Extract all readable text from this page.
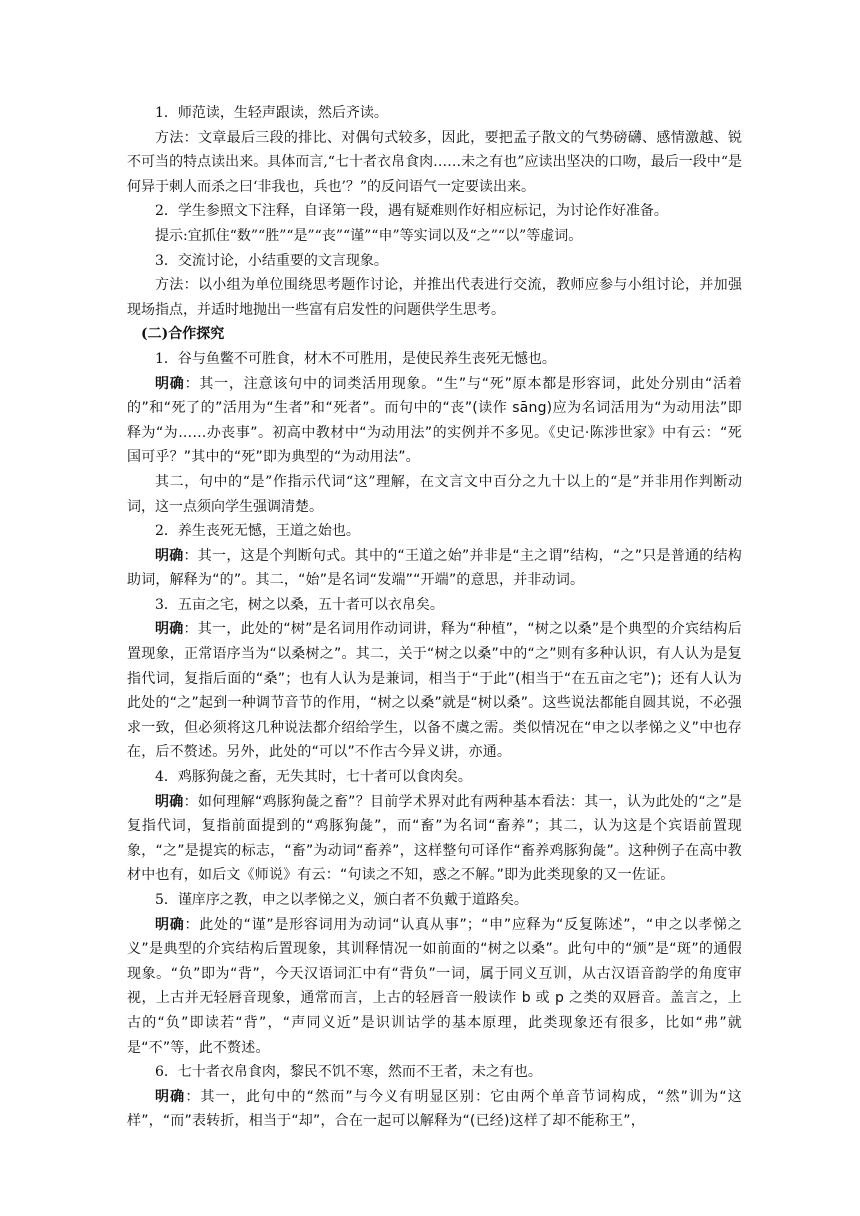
1．师范读，生轻声跟读，然后齐读。

方法：文章最后三段的排比、对偶句式较多，因此，要把孟子散文的气势磅礴、感情激越、锐不可当的特点读出来。具体而言,“七十者衣帛食肉……未之有也”应读出坚决的口吻，最后一段中“是何异于刺人而杀之曰‘非我也，兵也’？”的反问语气一定要读出来。

2．学生参照文下注释，自译第一段，遇有疑难则作好相应标记，为讨论作好准备。

提示:宜抓住“数”“胜”“是”“丧”“谨”“申”等实词以及“之”“以”等虚词。

3．交流讨论，小结重要的文言现象。

方法：以小组为单位围绕思考题作讨论，并推出代表进行交流，教师应参与小组讨论，并加强现场指点，并适时地抛出一些富有启发性的问题供学生思考。

(二)合作探究

1．谷与鱼鳖不可胜食，材木不可胜用，是使民养生丧死无憾也。

明确：其一，注意该句中的词类活用现象。“生”与“死”原本都是形容词，此处分别由“活着的”和“死了的”活用为“生者”和“死者”。而句中的“丧”(读作 sāng)应为名词活用为“为动用法”即释为“为……办丧事”。初高中教材中“为动用法”的实例并不多见。《史记·陈涉世家》中有云：“死国可乎？”其中的“死”即为典型的“为动用法”。

其二，句中的“是”作指示代词“这”理解，在文言文中百分之九十以上的“是”并非用作判断动词，这一点须向学生强调清楚。

2．养生丧死无憾，王道之始也。

明确：其一，这是个判断句式。其中的“王道之始”并非是“主之谓”结构，“之”只是普通的结构助词，解释为“的”。其二，“始”是名词“发端”“开端”的意思，并非动词。

3．五亩之宅，树之以桑，五十者可以衣帛矣。

明确：其一，此处的“树”是名词用作动词讲，释为“种植”，“树之以桑”是个典型的介宾结构后置现象，正常语序当为“以桑树之”。其二，关于“树之以桑”中的“之”则有多种认识，有人认为是复指代词，复指后面的“桑”；也有人认为是兼词，相当于“于此”(相当于“在五亩之宅”)；还有人认为此处的“之”起到一种调节音节的作用，“树之以桑”就是“树以桑”。这些说法都能自圆其说，不必强求一致，但必须将这几种说法都介绍给学生，以备不虞之需。类似情况在“申之以孝悌之义”中也存在，后不赘述。另外，此处的“可以”不作古今异义讲，亦通。

4．鸡豚狗彘之畜，无失其时，七十者可以食肉矣。

明确：如何理解“鸡豚狗彘之畜”？目前学术界对此有两种基本看法：其一，认为此处的“之”是复指代词，复指前面提到的“鸡豚狗彘”，而“畜”为名词“畜养”；其二，认为这是个宾语前置现象，“之”是提宾的标志，“畜”为动词“畜养”，这样整句可译作“畜养鸡豚狗彘”。这种例子在高中教材中也有，如后文《师说》有云：“句读之不知，惑之不解。”即为此类现象的又一佐证。

5．谨庠序之教，申之以孝悌之义，颁白者不负戴于道路矣。

明确：此处的“谨”是形容词用为动词“认真从事”；“申”应释为“反复陈述”，“申之以孝悌之义”是典型的介宾结构后置现象，其训释情况一如前面的“树之以桑”。此句中的“颁”是“斑”的通假现象。“负”即为“背”，今天汉语词汇中有“背负”一词，属于同义互训，从古汉语音韵学的角度审视，上古并无轻唇音现象，通常而言，上古的轻唇音一般读作 b 或 p 之类的双唇音。盖言之，上古的“负”即读若“背”，“声同义近”是识训诂学的基本原理，此类现象还有很多，比如“弗”就是“不”等，此不赘述。

6．七十者衣帛食肉，黎民不饥不寒，然而不王者，未之有也。

明确：其一，此句中的“然而”与今义有明显区别：它由两个单音节词构成，“然”训为“这样”，“而”表转折，相当于“却”，合在一起可以解释为“(已经)这样了却不能称王”，
